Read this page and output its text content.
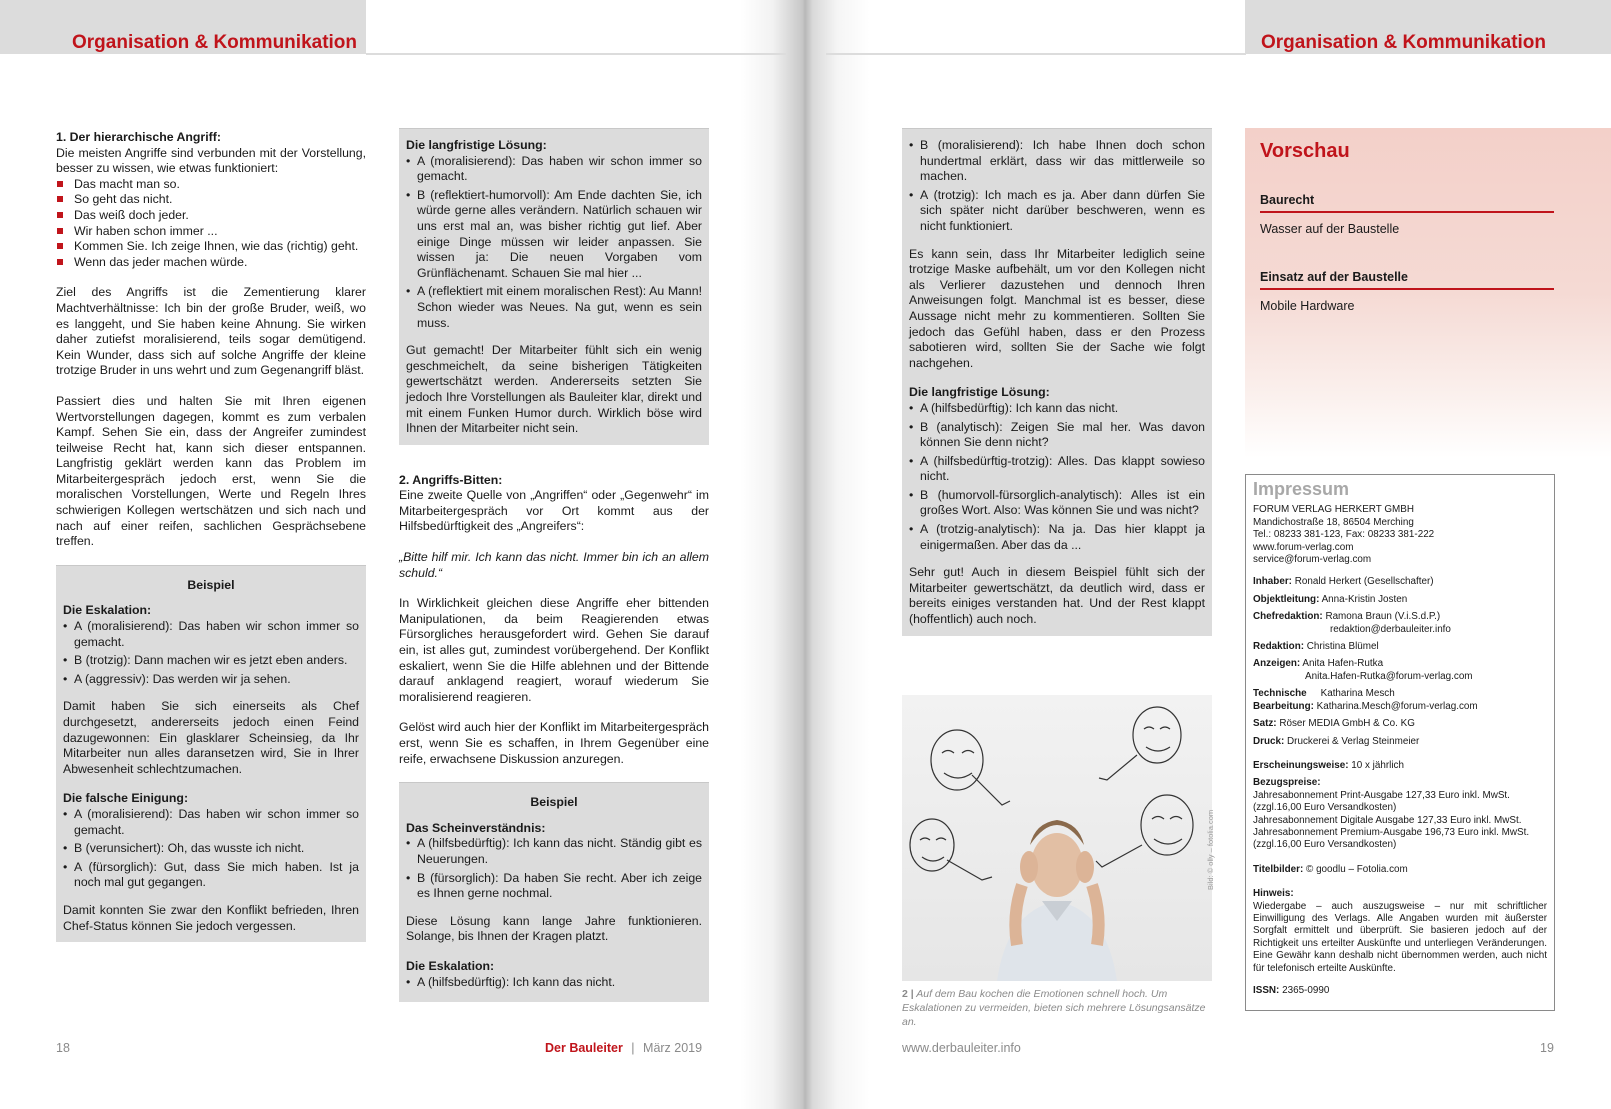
Organisation & Kommunikation	Organisation & Kommunikation
1. Der hierarchische Angriff:
Die meisten Angriffe sind verbunden mit der Vorstellung, besser zu wissen, wie etwas funktioniert:
Das macht man so.
So geht das nicht.
Das weiß doch jeder.
Wir haben schon immer ...
Kommen Sie. Ich zeige Ihnen, wie das (richtig) geht.
Wenn das jeder machen würde.

Ziel des Angriffs ist die Zementierung klarer Machtverhältnisse: Ich bin der große Bruder, weiß, wo es langgeht, und Sie haben keine Ahnung. Sie wirken daher zutiefst moralisierend, teils sogar demütigend. Kein Wunder, dass sich auf solche Angriffe der kleine trotzige Bruder in uns wehrt und zum Gegenangriff bläst.

Passiert dies und halten Sie mit Ihren eigenen Wertvorstellungen dagegen, kommt es zum verbalen Kampf. Sehen Sie ein, dass der Angreifer zumindest teilweise Recht hat, kann sich dieser entspannen. Langfristig geklärt werden kann das Problem im Mitarbeitergespräch jedoch erst, wenn Sie die moralischen Vorstellungen, Werte und Regeln Ihres schwierigen Kollegen wertschätzen und sich nach und nach auf einer reifen, sachlichen Gesprächsebene treffen.

Beispiel
Die Eskalation:
• A (moralisierend): Das haben wir schon immer so gemacht.
• B (trotzig): Dann machen wir es jetzt eben anders.
• A (aggressiv): Das werden wir ja sehen.

Damit haben Sie sich einerseits als Chef durchgesetzt, andererseits jedoch einen Feind dazugewonnen: Ein glasklarer Scheinsieg, da Ihr Mitarbeiter nun alles daransetzen wird, Sie in Ihrer Abwesenheit schlechtzumachen.

Die falsche Einigung:
• A (moralisierend): Das haben wir schon immer so gemacht.
• B (verunsichert): Oh, das wusste ich nicht.
• A (fürsorglich): Gut, dass Sie mich haben. Ist ja noch mal gut gegangen.

Damit konnten Sie zwar den Konflikt befrieden, Ihren Chef-Status können Sie jedoch vergessen.

Die langfristige Lösung:
• A (moralisierend): Das haben wir schon immer so gemacht.
• B (reflektiert-humorvoll): Am Ende dachten Sie, ich würde gerne alles verändern. Natürlich schauen wir uns erst mal an, was bisher richtig gut lief. Aber einige Dinge müssen wir leider anpassen. Sie wissen ja: Die neuen Vorgaben vom Grünflächenamt. Schauen Sie mal hier ...
• A (reflektiert mit einem moralischen Rest): Au Mann! Schon wieder was Neues. Na gut, wenn es sein muss.

Gut gemacht! Der Mitarbeiter fühlt sich ein wenig geschmeichelt, da seine bisherigen Tätigkeiten gewertschätzt werden. Andererseits setzten Sie jedoch Ihre Vorstellungen als Bauleiter klar, direkt und mit einem Funken Humor durch. Wirklich böse wird Ihnen der Mitarbeiter nicht sein.

2. Angriffs-Bitten:

Eine zweite Quelle von „Angriffen“ oder „Gegenwehr“ im Mitarbeitergespräch vor Ort kommt aus der Hilfsbedürftigkeit des „Angreifers“:

„Bitte hilf mir. Ich kann das nicht. Immer bin ich an allem schuld.“

In Wirklichkeit gleichen diese Angriffe eher bittenden Manipulationen, da beim Reagierenden etwas Fürsorgliches herausgefordert wird. Gehen Sie darauf ein, ist alles gut, zumindest vorübergehend. Der Konflikt eskaliert, wenn Sie die Hilfe ablehnen und der Bittende darauf anklagend reagiert, worauf wiederum Sie moralisierend reagieren.

Gelöst wird auch hier der Konflikt im Mitarbeitergespräch erst, wenn Sie es schaffen, in Ihrem Gegenüber eine reife, erwachsene Diskussion anzuregen.

Beispiel
Das Scheinverständnis:
• A (hilfsbedürftig): Ich kann das nicht. Ständig gibt es Neuerungen.
• B (fürsorglich): Da haben Sie recht. Aber ich zeige es Ihnen gerne nochmal.

Diese Lösung kann lange Jahre funktionieren. Solange, bis Ihnen der Kragen platzt.

Die Eskalation:
• A (hilfsbedürftig): Ich kann das nicht.
• B (moralisierend): Ich habe Ihnen doch schon hundertmal erklärt, dass wir das mittlerweile so machen.
• A (trotzig): Ich mach es ja. Aber dann dürfen Sie sich später nicht darüber beschweren, wenn es nicht funktioniert.

Es kann sein, dass Ihr Mitarbeiter lediglich seine trotzige Maske aufbehält, um vor den Kollegen nicht als Verlierer dazustehen und dennoch Ihren Anweisungen folgt. Manchmal ist es besser, diese Aussage nicht mehr zu kommentieren. Sollten Sie jedoch das Gefühl haben, dass er den Prozess sabotieren wird, sollten Sie der Sache wie folgt nachgehen.

Die langfristige Lösung:
• A (hilfsbedürftig): Ich kann das nicht.
• B (analytisch): Zeigen Sie mal her. Was davon können Sie denn nicht?
• A (hilfsbedürftig-trotzig): Alles. Das klappt sowieso nicht.
• B (humorvoll-fürsorglich-analytisch): Alles ist ein großes Wort. Also: Was können Sie und was nicht?
• A (trotzig-analytisch): Na ja. Das hier klappt ja einigermaßen. Aber das da ...

Sehr gut! Auch in diesem Beispiel fühlt sich der Mitarbeiter gewertschätzt, da deutlich wird, dass er bereits einiges verstanden hat. Und der Rest klappt (hoffentlich) auch noch.

Bild: © olly – fotolia.com
2 | Auf dem Bau kochen die Emotionen schnell hoch. Um Eskalationen zu vermeiden, bieten sich mehrere Lösungsansätze an.
Vorschau
Baurecht
Wasser auf der Baustelle
Einsatz auf der Baustelle
Mobile Hardware
Impressum
FORUM VERLAG HERKERT GMBH
Mandichostraße 18, 86504 Merching
Tel.: 08233 381-123, Fax: 08233 381-222
www.forum-verlag.com
service@forum-verlag.com
Inhaber: Ronald Herkert (Gesellschafter)
Objektleitung: Anna-Kristin Josten
Chefredaktion: Ramona Braun (V.i.S.d.P.)
redaktion@derbauleiter.info
Redaktion: Christina Blümel
Anzeigen: Anita Hafen-Rutka
Anita.Hafen-Rutka@forum-verlag.com
Technische Katharina Mesch
Bearbeitung: Katharina.Mesch@forum-verlag.com
Satz: Röser MEDIA GmbH & Co. KG
Druck: Druckerei & Verlag Steinmeier
Erscheinungsweise: 10 x jährlich
Bezugspreise:
Jahresabonnement Print-Ausgabe 127,33 Euro inkl. MwSt.
(zzgl.16,00 Euro Versandkosten)
Jahresabonnement Digitale Ausgabe 127,33 Euro inkl. MwSt.
Jahresabonnement Premium-Ausgabe 196,73 Euro inkl. MwSt.
(zzgl.16,00 Euro Versandkosten)
Titelbilder: © goodlu – Fotolia.com
Hinweis:
Wiedergabe – auch auszugsweise – nur mit schriftlicher Einwilligung des Verlags. Alle Angaben wurden mit äußerster Sorgfalt ermittelt und überprüft. Sie basieren jedoch auf der Richtigkeit uns erteilter Auskünfte und unterliegen Veränderungen. Eine Gewähr kann deshalb nicht übernommen werden, auch nicht für telefonisch erteilte Auskünfte.
ISSN: 2365-0990
18	Der Bauleiter | März 2019	www.derbauleiter.info	19
